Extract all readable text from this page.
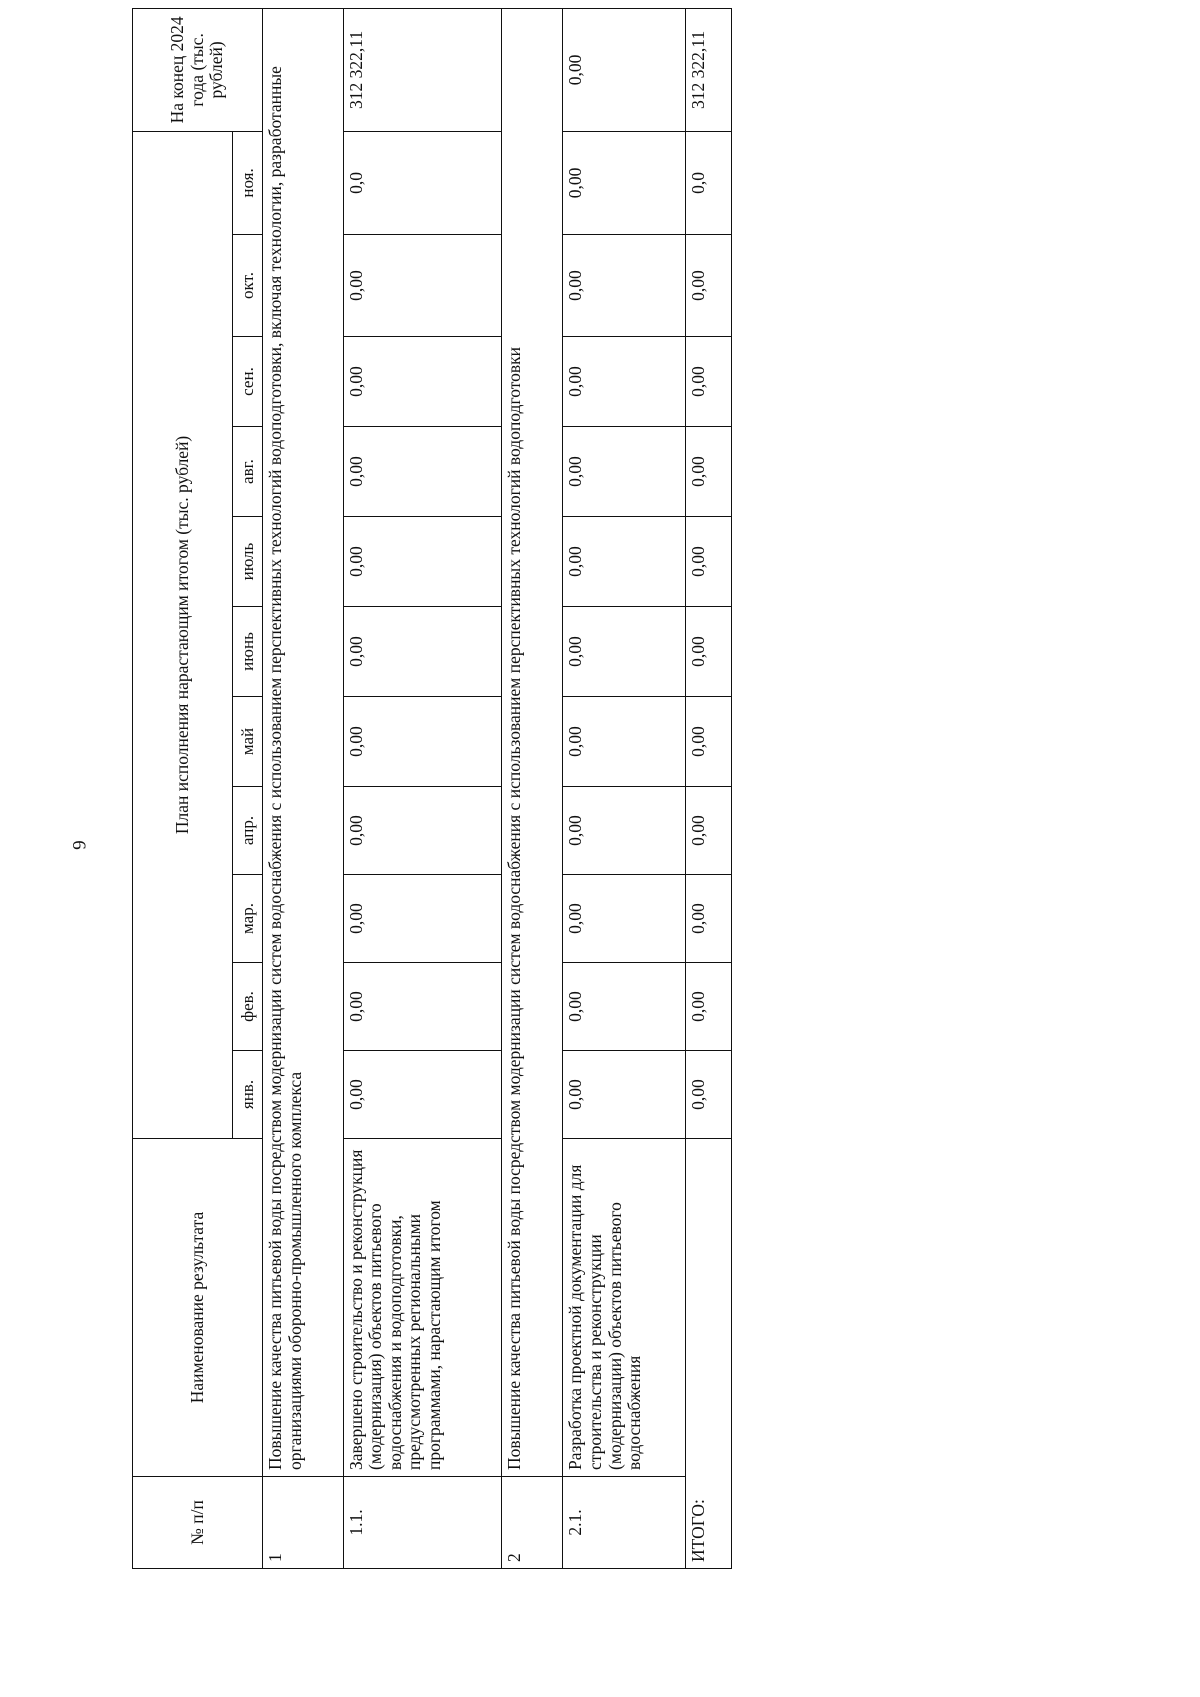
6
№ п/п	Наименование результата	План исполнения нарастающим итогом (тыс. рублей)											На конец 2024 года (тыс. рублей)
		янв.	фев.	мар.	апр.	май	июнь	июль	авг.	сен.	окт.	ноя.	
1	Повышение качества питьевой воды посредством модернизации систем водоснабжения с использованием перспективных технологий водоподготовки, включая технологии, разработанные организациями оборонно-промышленного комплекса												
1.1.	Завершено строительство и реконструкция (модернизация) объектов питьевого водоснабжения и водоподготовки, предусмотренных региональными программами, нарастающим итогом	0,00	0,00	0,00	0,00	0,00	0,00	0,00	0,00	0,00	0,00	0,0	312 322,11
2	Повышение качества питьевой воды посредством модернизации систем водоснабжения с использованием перспективных технологий водоподготовки												
2.1.	Разработка проектной документации для строительства и реконструкции (модернизации) объектов питьевого водоснабжения	0,00	0,00	0,00	0,00	0,00	0,00	0,00	0,00	0,00	0,00	0,00	0,00
ИТОГО:		0,00	0,00	0,00	0,00	0,00	0,00	0,00	0,00	0,00	0,00	0,0	312 322,11
